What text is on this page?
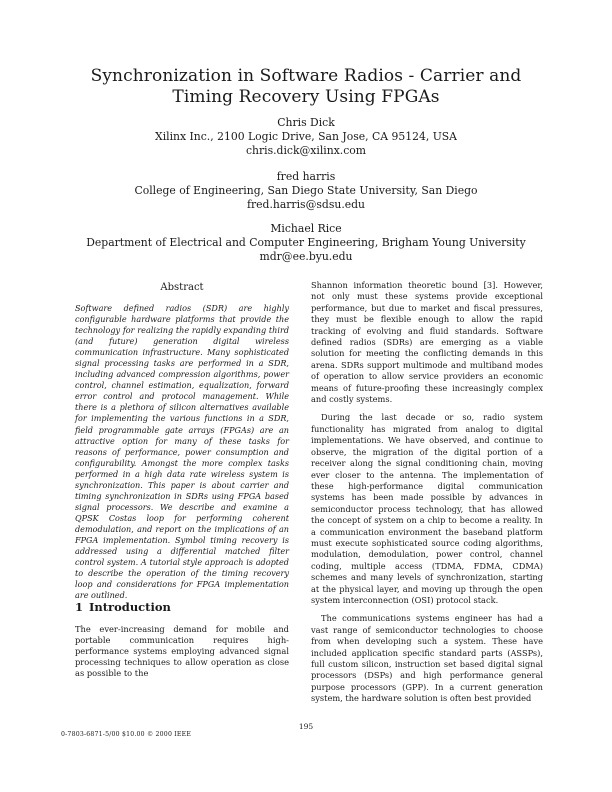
Synchronization in Software Radios - Carrier and Timing Recovery Using FPGAs
Chris Dick
Xilinx Inc., 2100 Logic Drive, San Jose, CA 95124, USA
chris.dick@xilinx.com
fred harris
College of Engineering, San Diego State University, San Diego
fred.harris@sdsu.edu
Michael Rice
Department of Electrical and Computer Engineering, Brigham Young University
mdr@ee.byu.edu
Abstract
Software defined radios (SDR) are highly configurable hardware platforms that provide the technology for realizing the rapidly expanding third (and future) generation digital wireless communication infrastructure. Many sophisticated signal processing tasks are performed in a SDR, including advanced compression algorithms, power control, channel estimation, equalization, forward error control and protocol management. While there is a plethora of silicon alternatives available for implementing the various functions in a SDR, field programmable gate arrays (FPGAs) are an attractive option for many of these tasks for reasons of performance, power consumption and configurability. Amongst the more complex tasks performed in a high data rate wireless system is synchronization. This paper is about carrier and timing synchronization in SDRs using FPGA based signal processors. We describe and examine a QPSK Costas loop for performing coherent demodulation, and report on the implications of an FPGA implementation. Symbol timing recovery is addressed using a differential matched filter control system. A tutorial style approach is adopted to describe the operation of the timing recovery loop and considerations for FPGA implementation are outlined.
1 Introduction
The ever-increasing demand for mobile and portable communication requires high-performance systems employing advanced signal processing techniques to allow operation as close as possible to the

Shannon information theoretic bound [3]. However, not only must these systems provide exceptional performance, but due to market and fiscal pressures, they must be flexible enough to allow the rapid tracking of evolving and fluid standards. Software defined radios (SDRs) are emerging as a viable solution for meeting the conflicting demands in this arena. SDRs support multimode and multiband modes of operation to allow service providers an economic means of future-proofing these increasingly complex and costly systems.

During the last decade or so, radio system functionality has migrated from analog to digital implementations. We have observed, and continue to observe, the migration of the digital portion of a receiver along the signal conditioning chain, moving ever closer to the antenna. The implementation of these high-performance digital communication systems has been made possible by advances in semiconductor process technology, that has allowed the concept of system on a chip to become a reality. In a communication environment the baseband platform must execute sophisticated source coding algorithms, modulation, demodulation, power control, channel coding, multiple access (TDMA, FDMA, CDMA) schemes and many levels of synchronization, starting at the physical layer, and moving up through the open system interconnection (OSI) protocol stack.

The communications systems engineer has had a vast range of semiconductor technologies to choose from when developing such a system. These have included application specific standard parts (ASSPs), full custom silicon, instruction set based digital signal processors (DSPs) and high performance general purpose processors (GPP). In a current generation system, the hardware solution is often best provided

195
0-7803-6871-5/00 $10.00 © 2000 IEEE
